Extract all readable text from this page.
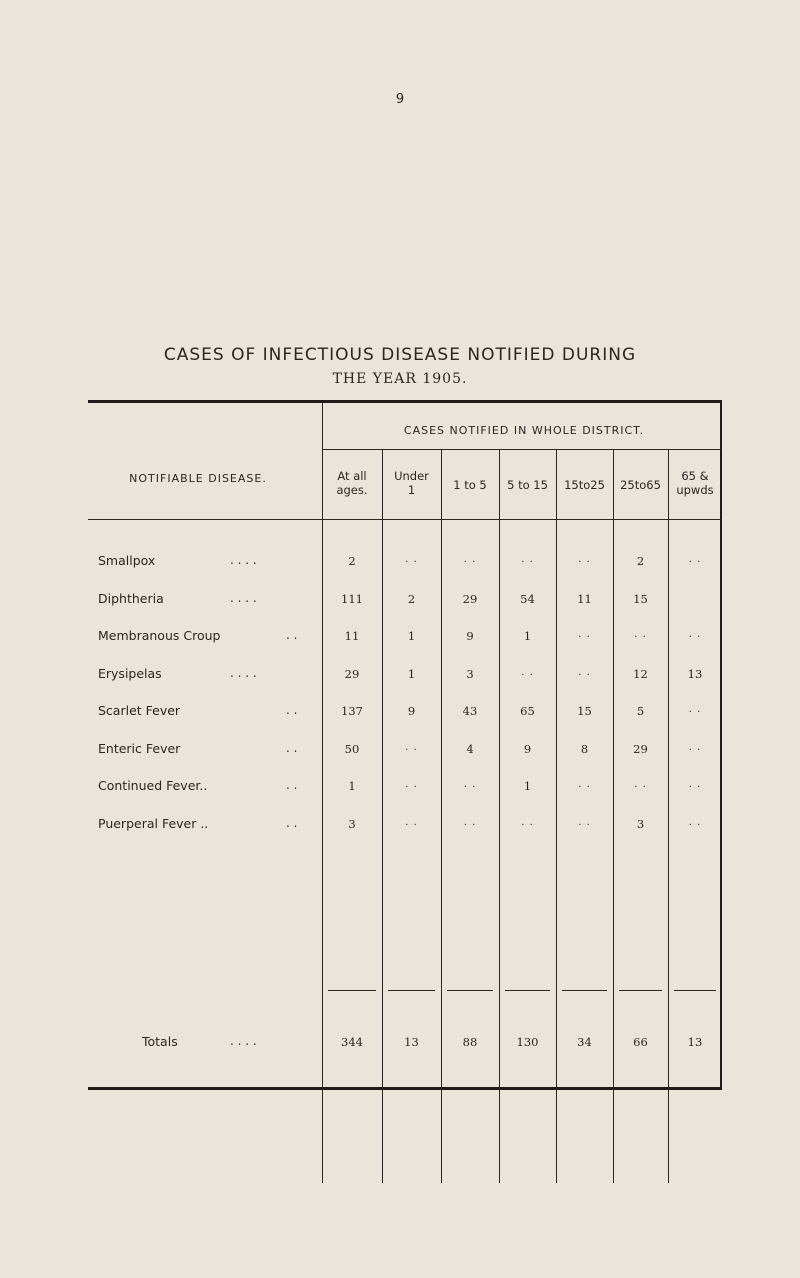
9
CASES OF INFECTIOUS DISEASE NOTIFIED DURING
THE YEAR 1905.
CASES NOTIFIED IN WHOLE DISTRICT.
NOTIFIABLE DISEASE.	At all
ages.
Under
1	1 to 5	5 to 15	15to25	25to65
65 &
upwds
Smallpox	. . . .	2	. .	. .	. .	. .	2	. .
Diphtheria	. . . .	111	2	29	54	11	15
Membranous Croup	. .	11	1	9	1	. .	. .	. .
Erysipelas	. . . .	29	1	3	. .	. .	12	13
Scarlet Fever	. .	137	9	43	65	15	5	. .
Enteric Fever	. .	50	. .	4	9	8	29	. .
Continued Fever..	. .	1	. .	. .	1	. .	. .	. .
Puerperal Fever ..	. .	3	. .	. .	. .	. .	3	. .
Totals	. . . .	344	13	88	130	34	66	13
